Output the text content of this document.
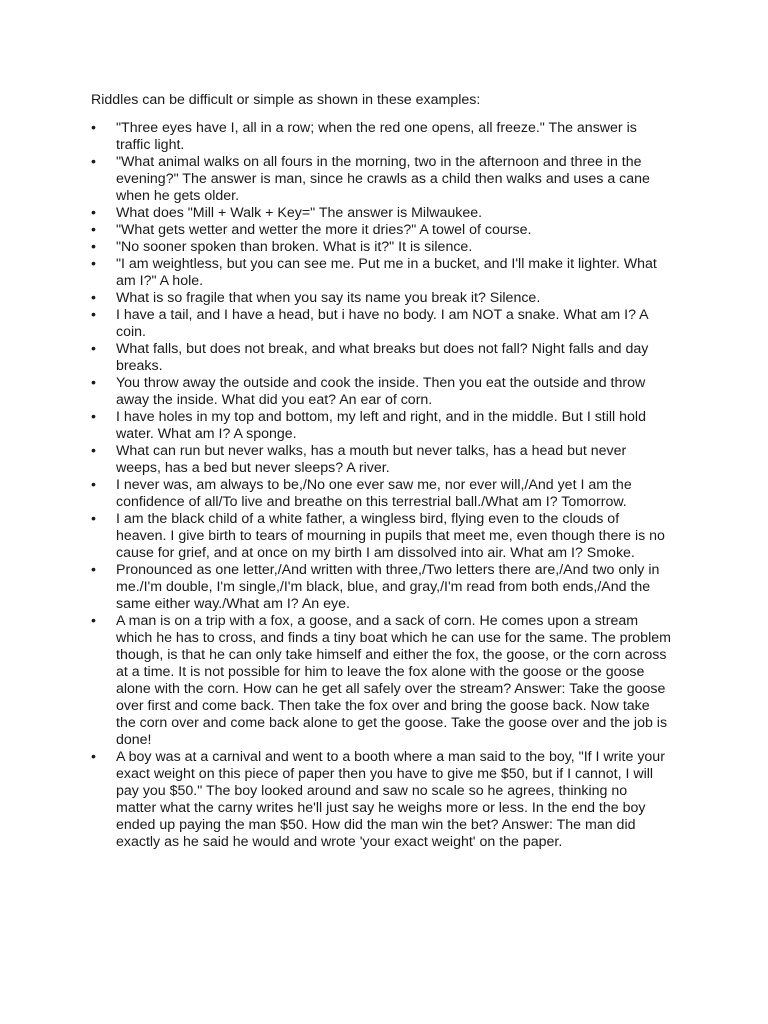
Riddles can be difficult or simple as shown in these examples:

•	"Three eyes have I, all in a row; when the red one opens, all freeze." The answer is traffic light.
•	"What animal walks on all fours in the morning, two in the afternoon and three in the evening?" The answer is man, since he crawls as a child then walks and uses a cane when he gets older.
•	What does "Mill + Walk + Key=" The answer is Milwaukee.
•	"What gets wetter and wetter the more it dries?" A towel of course.
•	"No sooner spoken than broken. What is it?" It is silence.
•	"I am weightless, but you can see me. Put me in a bucket, and I'll make it lighter. What am I?" A hole.
•	What is so fragile that when you say its name you break it? Silence.
•	I have a tail, and I have a head, but i have no body. I am NOT a snake. What am I? A coin.
•	What falls, but does not break, and what breaks but does not fall? Night falls and day breaks.
•	You throw away the outside and cook the inside. Then you eat the outside and throw away the inside. What did you eat? An ear of corn.
•	I have holes in my top and bottom, my left and right, and in the middle. But I still hold water. What am I? A sponge.
•	What can run but never walks, has a mouth but never talks, has a head but never weeps, has a bed but never sleeps? A river.
•	I never was, am always to be,/No one ever saw me, nor ever will,/And yet I am the confidence of all/To live and breathe on this terrestrial ball./What am I? Tomorrow.
•	I am the black child of a white father, a wingless bird, flying even to the clouds of heaven. I give birth to tears of mourning in pupils that meet me, even though there is no cause for grief, and at once on my birth I am dissolved into air. What am I? Smoke.
•	Pronounced as one letter,/And written with three,/Two letters there are,/And two only in me./I'm double, I'm single,/I'm black, blue, and gray,/I'm read from both ends,/And the same either way./What am I? An eye.
•	A man is on a trip with a fox, a goose, and a sack of corn. He comes upon a stream which he has to cross, and finds a tiny boat which he can use for the same. The problem though, is that he can only take himself and either the fox, the goose, or the corn across at a time. It is not possible for him to leave the fox alone with the goose or the goose alone with the corn. How can he get all safely over the stream? Answer: Take the goose over first and come back. Then take the fox over and bring the goose back. Now take the corn over and come back alone to get the goose. Take the goose over and the job is done!
•	A boy was at a carnival and went to a booth where a man said to the boy, "If I write your exact weight on this piece of paper then you have to give me $50, but if I cannot, I will pay you $50." The boy looked around and saw no scale so he agrees, thinking no matter what the carny writes he'll just say he weighs more or less. In the end the boy ended up paying the man $50. How did the man win the bet? Answer: The man did exactly as he said he would and wrote 'your exact weight' on the paper.
